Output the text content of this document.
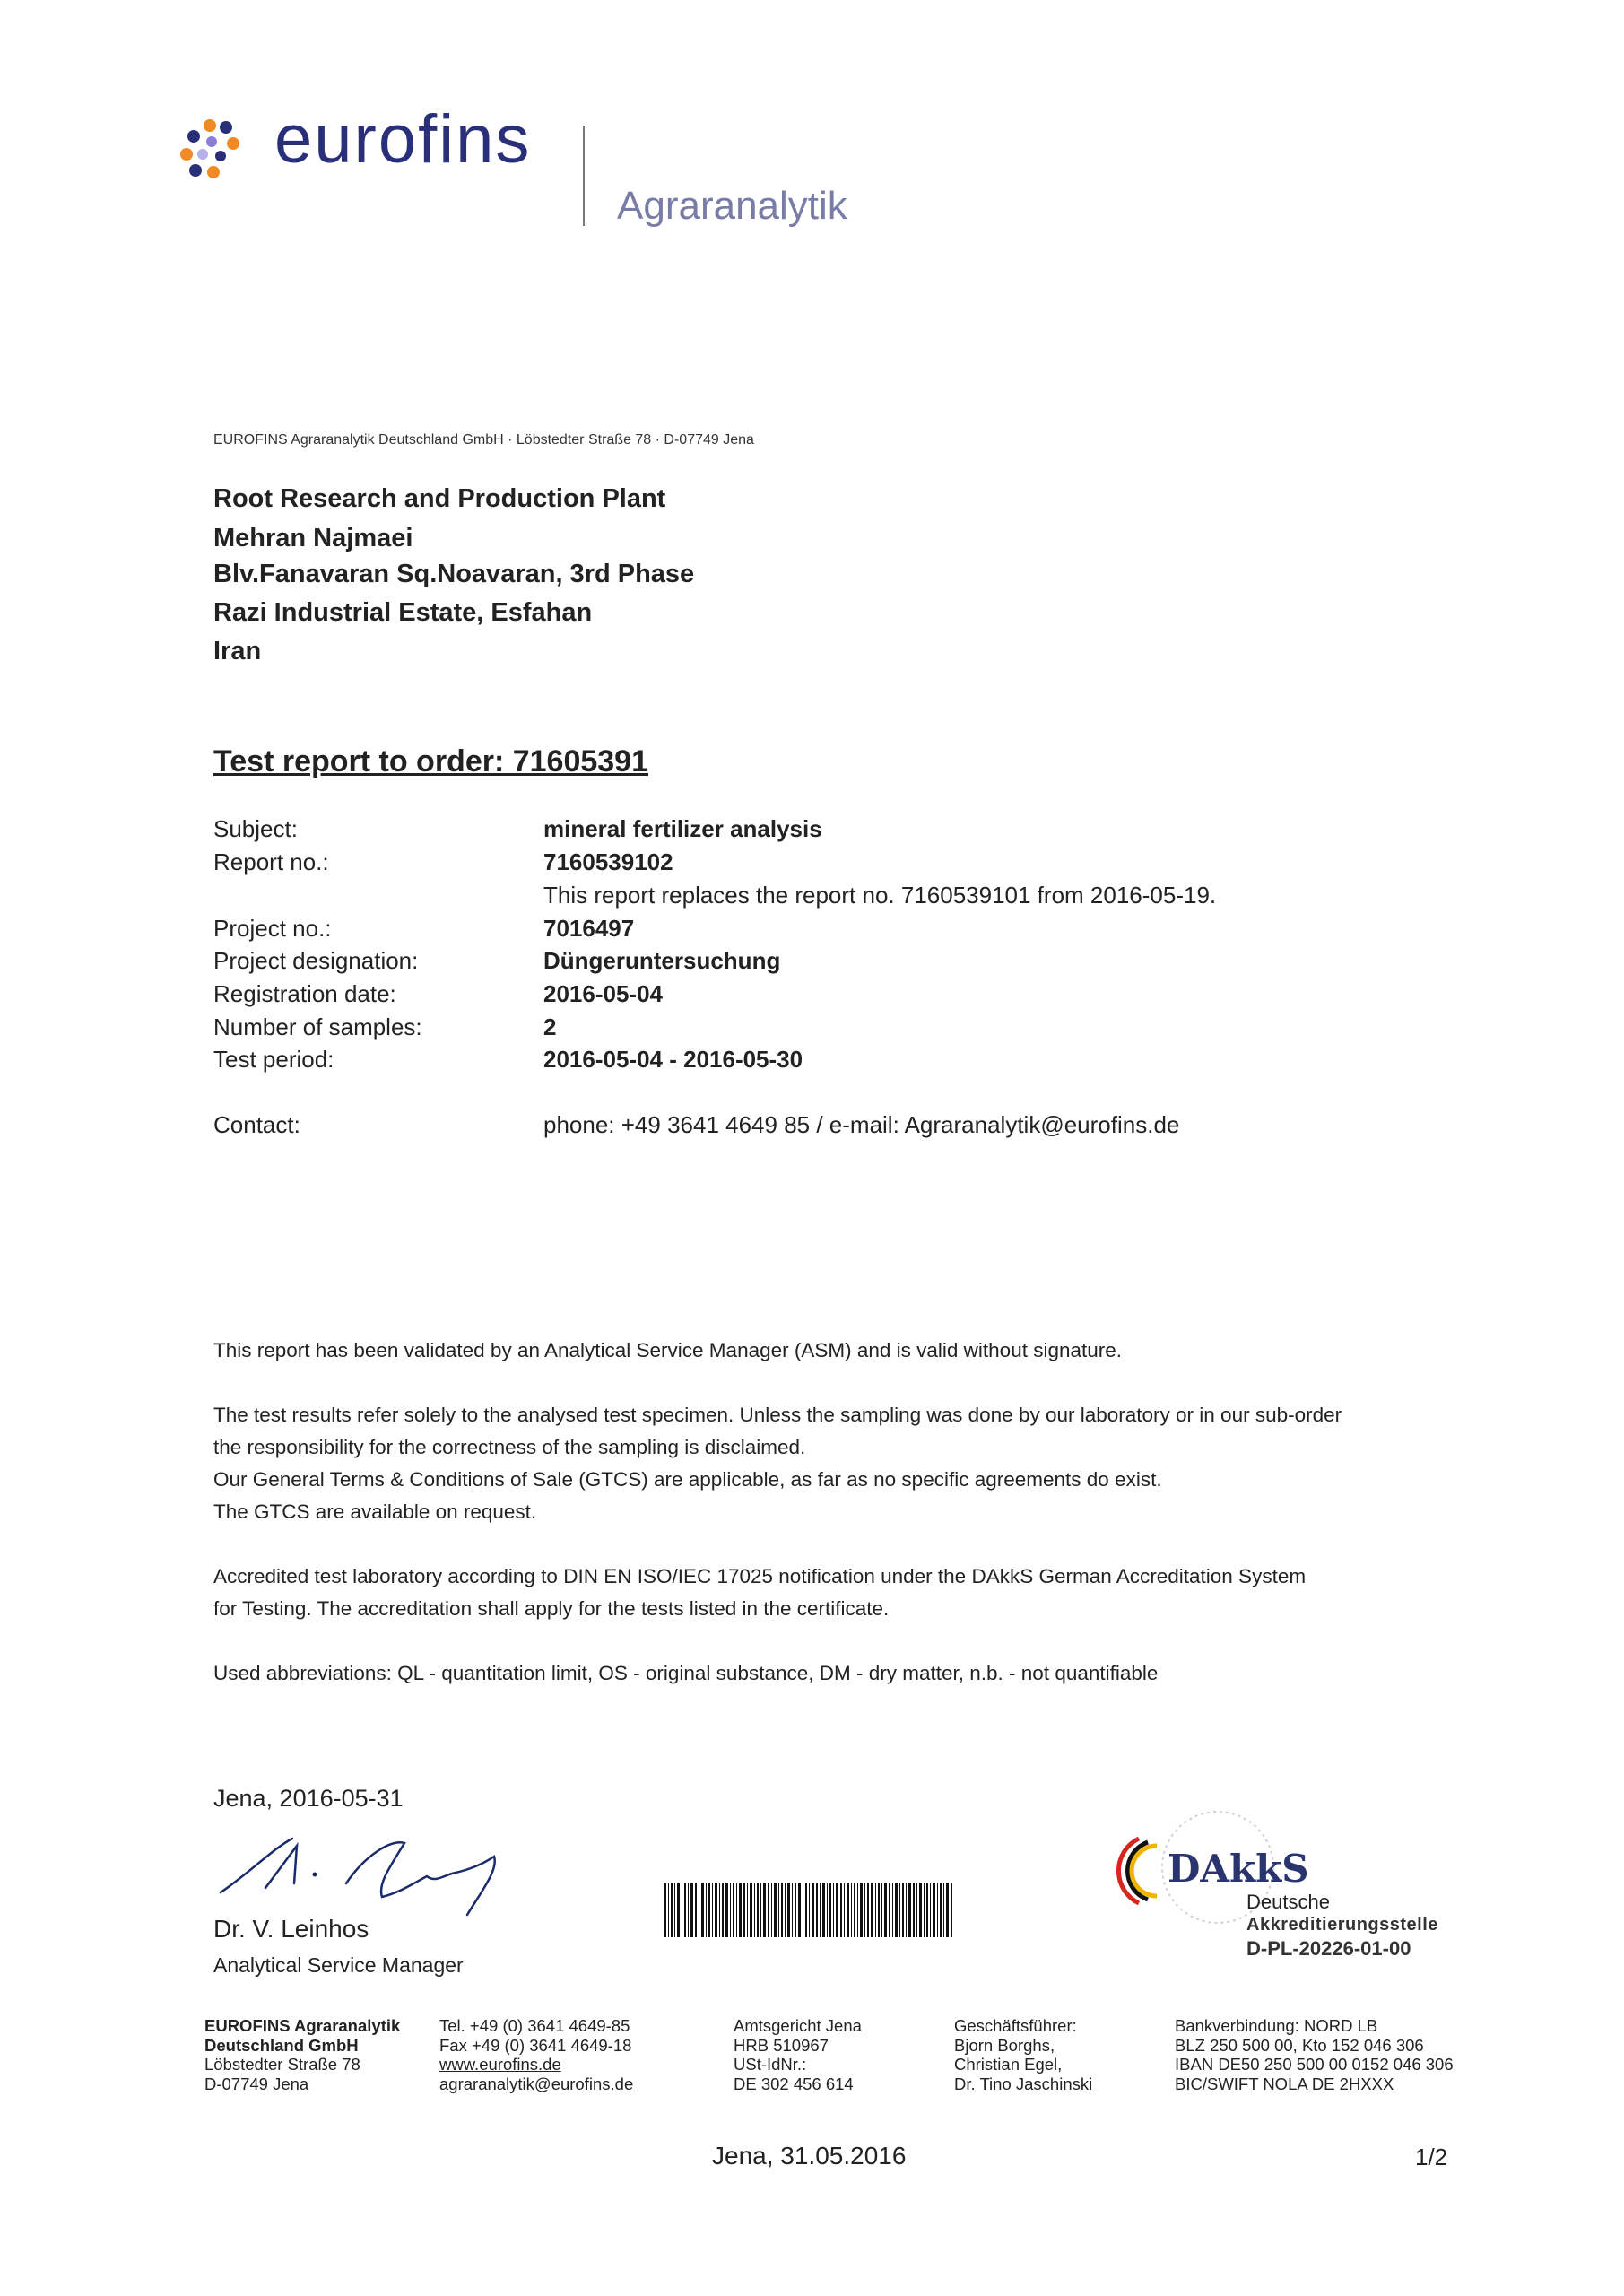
eurofins
Agraranalytik
EUROFINS Agraranalytik Deutschland GmbH · Löbstedter Straße 78 · D-07749 Jena
Root Research and Production Plant
Mehran Najmaei
Blv.Fanavaran Sq.Noavaran, 3rd Phase
Razi Industrial Estate, Esfahan
Iran
Test report to order: 71605391
Subject:	mineral fertilizer analysis
Report no.:	7160539102
This report replaces the report no. 7160539101 from 2016-05-19.
Project no.:	7016497
Project designation:	Düngeruntersuchung
Registration date:	2016-05-04
Number of samples:	2
Test period:	2016-05-04 - 2016-05-30
Contact:	phone: +49 3641 4649 85 / e-mail: Agraranalytik@eurofins.de
This report has been validated by an Analytical Service Manager (ASM) and is valid without signature.
The test results refer solely to the analysed test specimen. Unless the sampling was done by our laboratory or in our sub-order
the responsibility for the correctness of the sampling is disclaimed.
Our General Terms & Conditions of Sale (GTCS) are applicable, as far as no specific agreements do exist.
The GTCS are available on request.
Accredited test laboratory according to DIN EN ISO/IEC 17025 notification under the DAkkS German Accreditation System
for Testing. The accreditation shall apply for the tests listed in the certificate.
Used abbreviations: QL - quantitation limit, OS - original substance, DM - dry matter, n.b. - not quantifiable
Jena, 2016-05-31
Dr. V. Leinhos
Analytical Service Manager
DAkkS
Deutsche
Akkreditierungsstelle
D-PL-20226-01-00
EUROFINS Agraranalytik
Deutschland GmbH
Löbstedter Straße 78
D-07749 Jena
Tel. +49 (0) 3641 4649-85
Fax +49 (0) 3641 4649-18
www.eurofins.de
agraranalytik@eurofins.de
Amtsgericht Jena
HRB 510967
USt-IdNr.:
DE 302 456 614
Geschäftsführer:
Bjorn Borghs,
Christian Egel,
Dr. Tino Jaschinski
Bankverbindung: NORD LB
BLZ 250 500 00, Kto 152 046 306
IBAN DE50 250 500 00 0152 046 306
BIC/SWIFT NOLA DE 2HXXX
Jena, 31.05.2016	1/2
